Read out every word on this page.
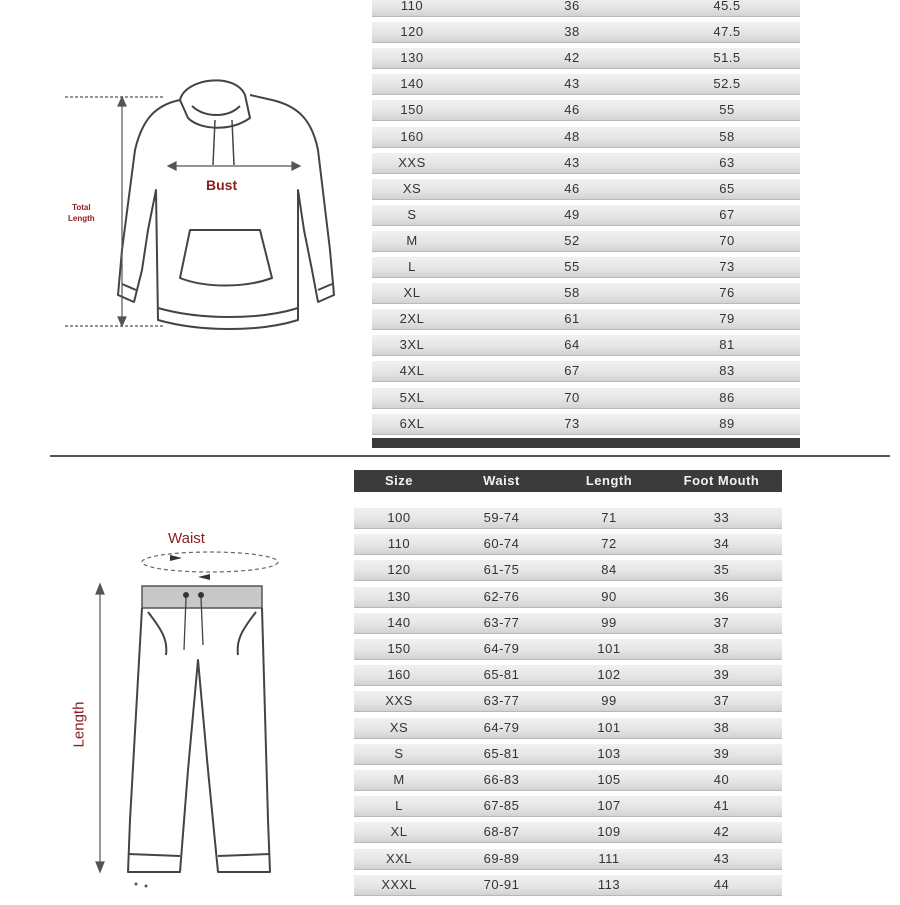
Bust
Total
Length
110	36	45.5
120	38	47.5
130	42	51.5
140	43	52.5
150	46	55
160	48	58
XXS	43	63
XS	46	65
S	49	67
M	52	70
L	55	73
XL	58	76
2XL	61	79
3XL	64	81
4XL	67	83
5XL	70	86
6XL	73	89
Waist
Length
Size	Waist	Length	Foot Mouth
100	59-74	71	33
110	60-74	72	34
120	61-75	84	35
130	62-76	90	36
140	63-77	99	37
150	64-79	101	38
160	65-81	102	39
XXS	63-77	99	37
XS	64-79	101	38
S	65-81	103	39
M	66-83	105	40
L	67-85	107	41
XL	68-87	109	42
XXL	69-89	111	43
XXXL	70-91	113	44
